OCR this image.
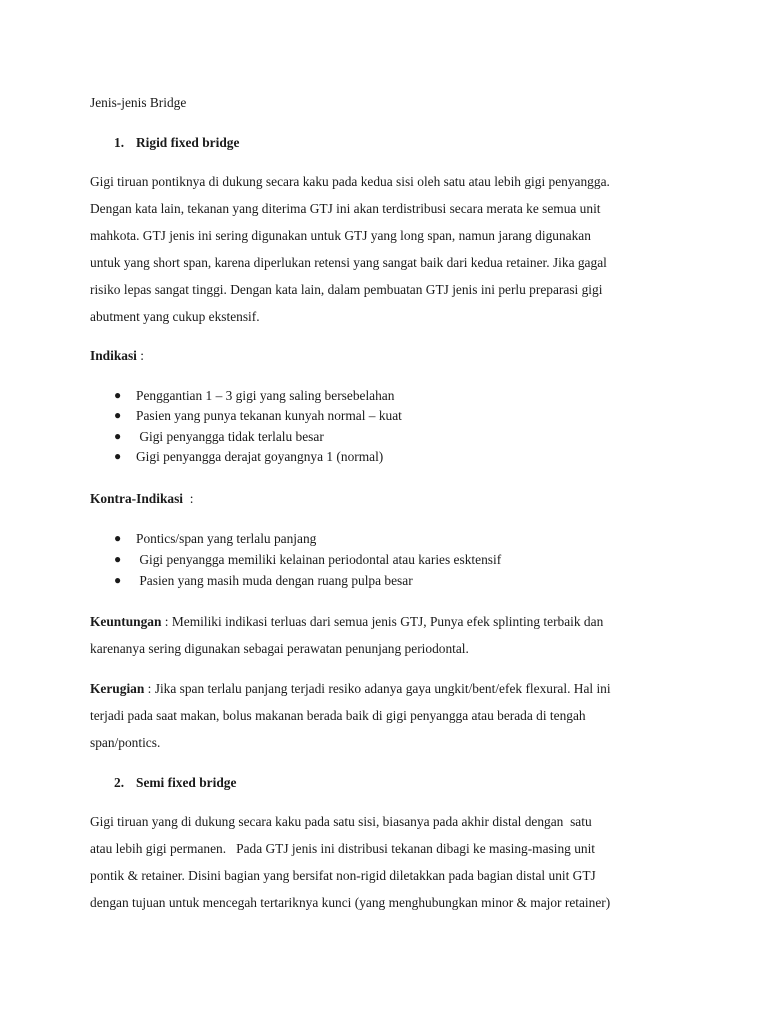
Jenis-jenis Bridge
1. Rigid fixed bridge
Gigi tiruan pontiknya di dukung secara kaku pada kedua sisi oleh satu atau lebih gigi penyangga.
Dengan kata lain, tekanan yang diterima GTJ ini akan terdistribusi secara merata ke semua unit
mahkota. GTJ jenis ini sering digunakan untuk GTJ yang long span, namun jarang digunakan
untuk yang short span, karena diperlukan retensi yang sangat baik dari kedua retainer. Jika gagal
risiko lepas sangat tinggi. Dengan kata lain, dalam pembuatan GTJ jenis ini perlu preparasi gigi
abutment yang cukup ekstensif.
Indikasi :
● Penggantian 1 – 3 gigi yang saling bersebelahan
● Pasien yang punya tekanan kunyah normal – kuat
● Gigi penyangga tidak terlalu besar
● Gigi penyangga derajat goyangnya 1 (normal)
Kontra-Indikasi  :
● Pontics/span yang terlalu panjang
● Gigi penyangga memiliki kelainan periodontal atau karies esktensif
● Pasien yang masih muda dengan ruang pulpa besar
Keuntungan : Memiliki indikasi terluas dari semua jenis GTJ, Punya efek splinting terbaik dan
karenanya sering digunakan sebagai perawatan penunjang periodontal.
Kerugian : Jika span terlalu panjang terjadi resiko adanya gaya ungkit/bent/efek flexural. Hal ini
terjadi pada saat makan, bolus makanan berada baik di gigi penyangga atau berada di tengah
span/pontics.
2. Semi fixed bridge
Gigi tiruan yang di dukung secara kaku pada satu sisi, biasanya pada akhir distal dengan  satu
atau lebih gigi permanen.   Pada GTJ jenis ini distribusi tekanan dibagi ke masing-masing unit
pontik & retainer. Disini bagian yang bersifat non-rigid diletakkan pada bagian distal unit GTJ
dengan tujuan untuk mencegah tertariknya kunci (yang menghubungkan minor & major retainer)
